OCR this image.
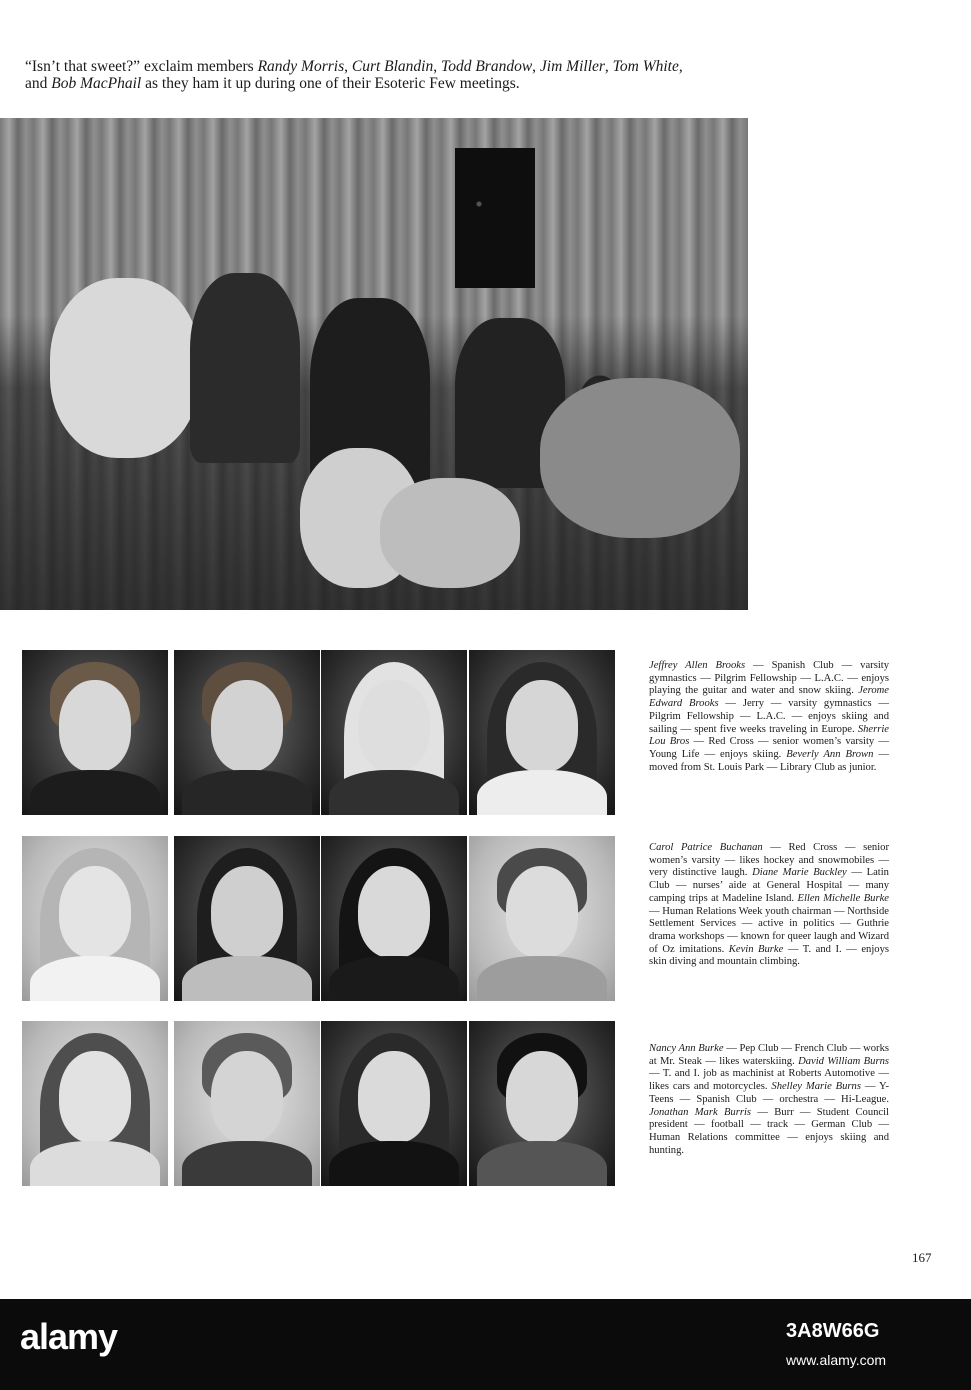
“Isn’t that sweet?” exclaim members Randy Morris, Curt Blandin, Todd Brandow, Jim Miller, Tom White,
and Bob MacPhail as they ham it up during one of their Esoteric Few meetings.
Jeffrey Allen Brooks — Spanish Club — varsity gymnastics — Pilgrim Fellowship — L.A.C. — enjoys playing the guitar and water and snow skiing. Jerome Edward Brooks — Jerry — varsity gymnastics — Pilgrim Fellowship — L.A.C. — enjoys skiing and sailing — spent five weeks traveling in Europe. Sherrie Lou Bros — Red Cross — senior women’s varsity — Young Life — enjoys skiing. Beverly Ann Brown — moved from St. Louis Park — Library Club as junior.
Carol Patrice Buchanan — Red Cross — senior women’s varsity — likes hockey and snowmobiles — very distinctive laugh. Diane Marie Buckley — Latin Club — nurses’ aide at General Hospital — many camping trips at Madeline Island. Ellen Michelle Burke — Human Relations Week youth chairman — Northside Settlement Services — active in politics — Guthrie drama workshops — known for queer laugh and Wizard of Oz imitations. Kevin Burke — T. and I. — enjoys skin diving and mountain climbing.
Nancy Ann Burke — Pep Club — French Club — works at Mr. Steak — likes waterskiing. David William Burns — T. and I. job as machinist at Roberts Automotive — likes cars and motorcycles. Shelley Marie Burns — Y-Teens — Spanish Club — orchestra — Hi-League. Jonathan Mark Burris — Burr — Student Council president — football — track — German Club — Human Relations committee — enjoys skiing and hunting.
167
alamy	3A8W66G
www.alamy.com
